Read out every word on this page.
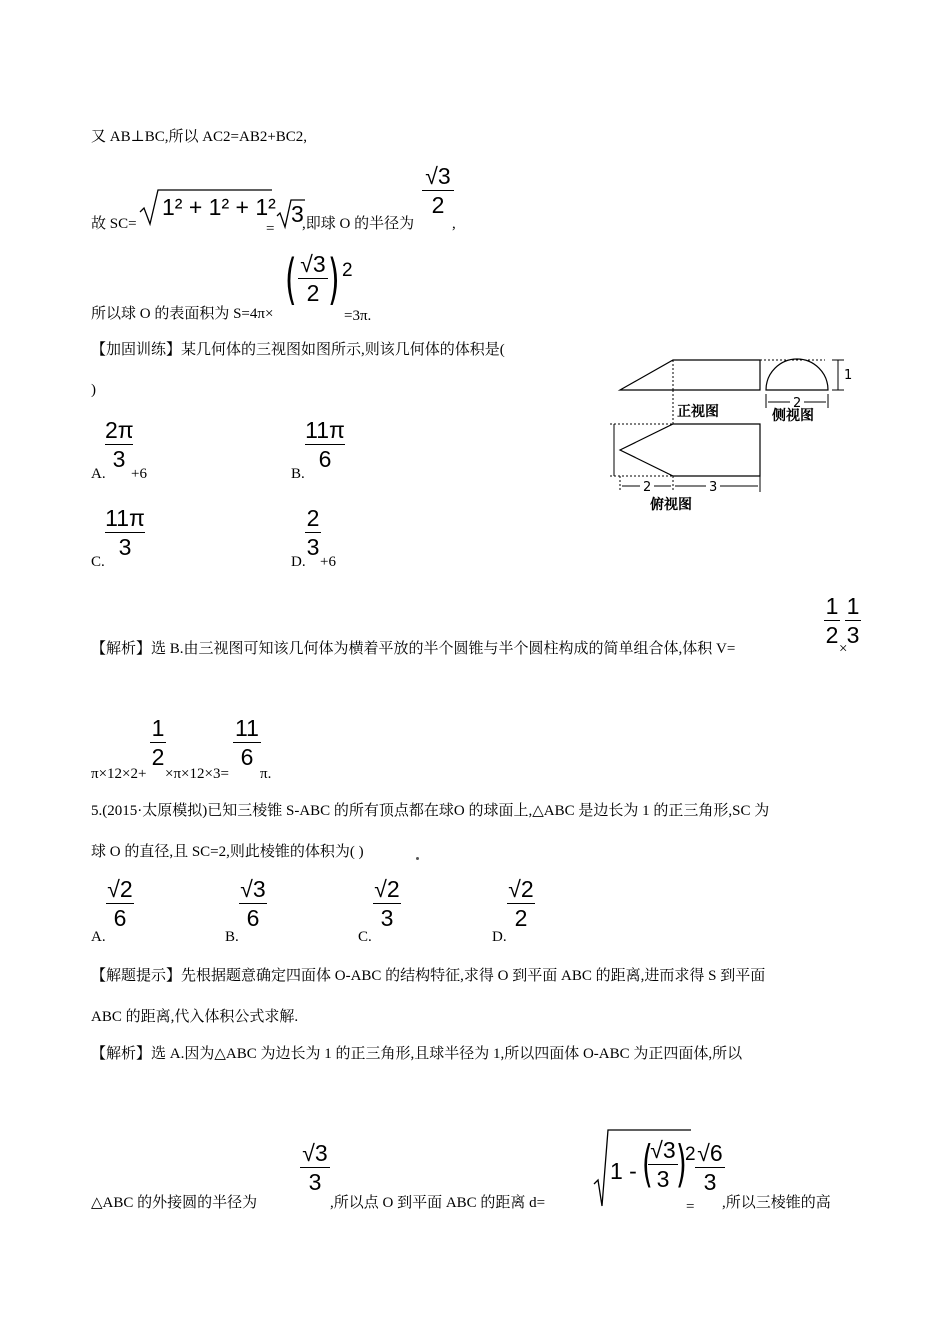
又 AB⊥BC,所以 AC2=AB2+BC2,
故 SC=
1² + 1² + 1²
=
3
,即球 O 的半径为
√3
2
,
所以球 O 的表面积为 S=4π×
( √3
2 ) 2
=3π.
【加固训练】某几何体的三视图如图所示,则该几何体的体积是(
)
A.
2π
3
+6	B.
11π
6
C.
11π
3
D.
2
3
+6
1
2
正视图	侧视图
2	3
俯视图
【解析】选 B.由三视图可知该几何体为横着平放的半个圆锥与半个圆柱构成的简单组合体,体积 V=
1
2
×
1
3
π×12×2+
1
2
×π×12×3=
11
6
π.
5.(2015·太原模拟)已知三棱锥 S-ABC 的所有顶点都在球O 的球面上,△ABC 是边长为 1 的正三角形,SC 为
球 O 的直径,且 SC=2,则此棱锥的体积为( )
A.
√2
6
B.
√3
6
C.
√2
3
D.
√2
2
【解题提示】先根据题意确定四面体 O-ABC 的结构特征,求得 O 到平面 ABC 的距离,进而求得 S 到平面
ABC 的距离,代入体积公式求解.
【解析】选 A.因为△ABC 为边长为 1 的正三角形,且球半径为 1,所以四面体 O-ABC 为正四面体,所以
△ABC 的外接圆的半径为
√3
3
,所以点 O 到平面 ABC 的距离 d=
1 - (
√3
3 )
2
=
√6
3
,所以三棱锥的高
